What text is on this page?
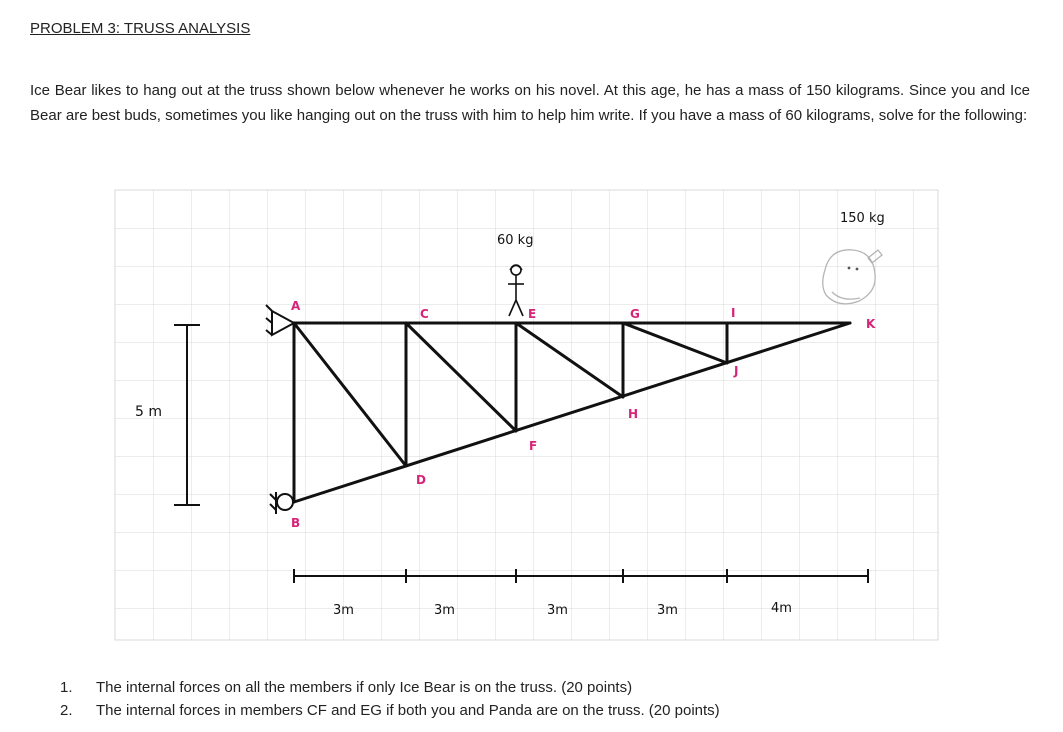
PROBLEM 3: TRUSS ANALYSIS
Ice Bear likes to hang out at the truss shown below whenever he works on his novel. At this age, he has a mass of 150 kilograms. Since you and Ice Bear are best buds, sometimes you like hanging out on the truss with him to help him write. If you have a mass of 60 kilograms, solve for the following:
5 m
A
B
C
D
E
F
G
H
I
J
K
60 kg
150 kg
3m	3m	3m	3m	4m
1. The internal forces on all the members if only Ice Bear is on the truss. (20 points)
2. The internal forces in members CF and EG if both you and Panda are on the truss. (20 points)
